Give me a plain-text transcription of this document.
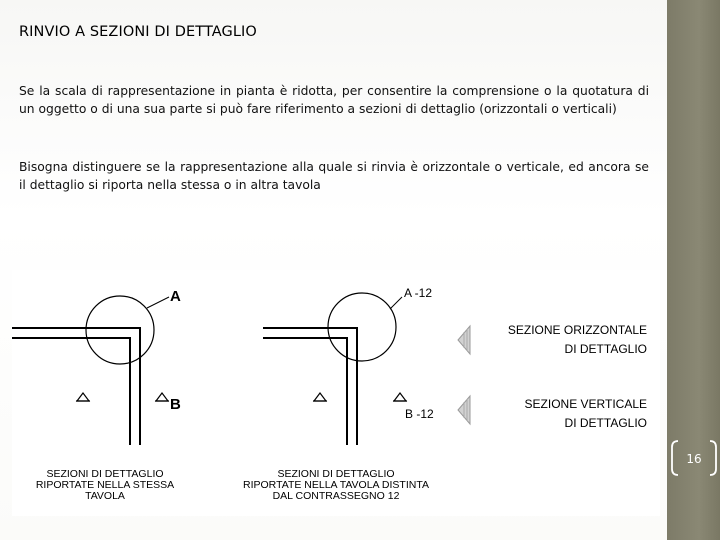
RINVIO A SEZIONI DI DETTAGLIO
Se la scala di rappresentazione in pianta è ridotta, per consentire la comprensione o la quotatura di un oggetto o di una sua parte si può fare riferimento a sezioni di dettaglio (orizzontali o verticali)
Bisogna distinguere se la rappresentazione alla quale si rinvia è orizzontale o verticale, ed ancora se il dettaglio si riporta nella stessa o in altra tavola
A
B
SEZIONI DI DETTAGLIO
RIPORTATE NELLA STESSA
TAVOLA
A -12
B -12
SEZIONI DI DETTAGLIO
RIPORTATE NELLA TAVOLA DISTINTA
DAL CONTRASSEGNO 12
SEZIONE ORIZZONTALE
DI DETTAGLIO
SEZIONE VERTICALE
DI DETTAGLIO
16
